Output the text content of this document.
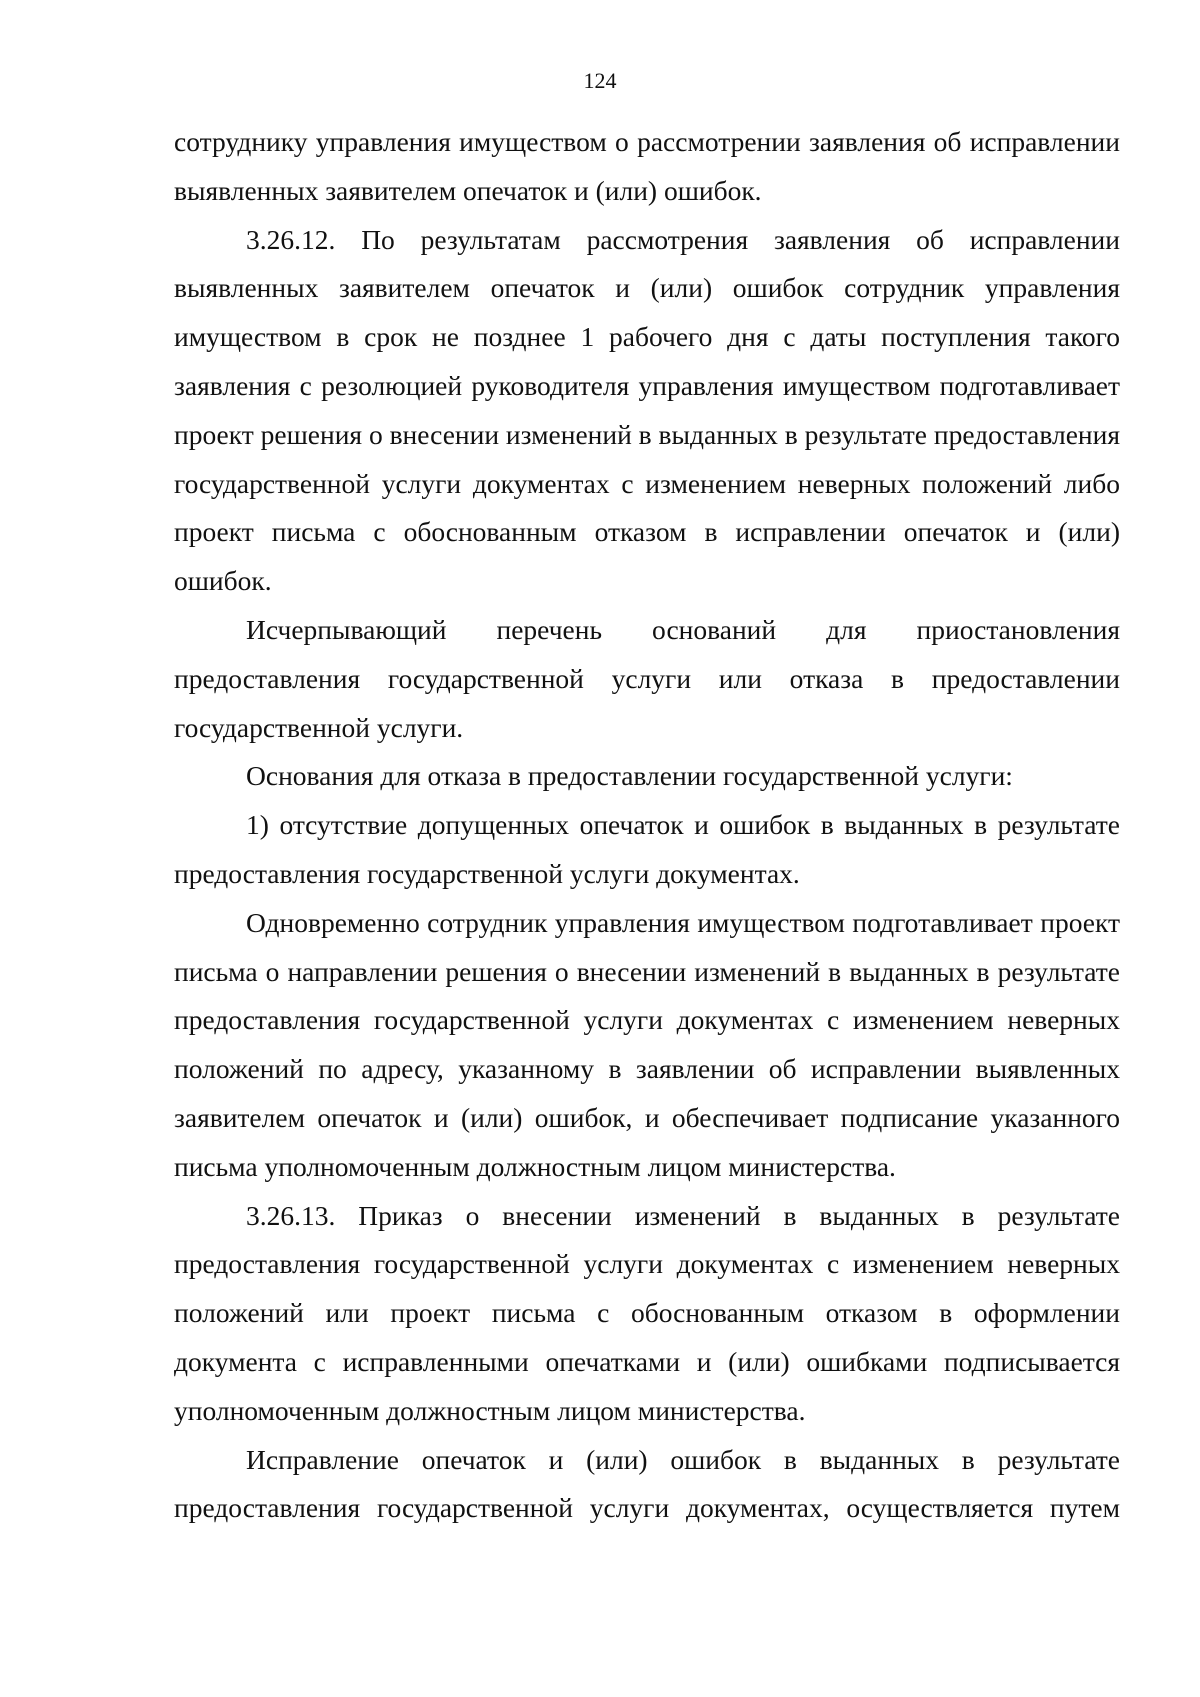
124

сотруднику управления имуществом о рассмотрении заявления об исправлении выявленных заявителем опечаток и (или) ошибок.

3.26.12. По результатам рассмотрения заявления об исправлении выявленных заявителем опечаток и (или) ошибок сотрудник управления имуществом в срок не позднее 1 рабочего дня с даты поступления такого заявления с резолюцией руководителя управления имуществом подготавливает проект решения о внесении изменений в выданных в результате предоставления государственной услуги документах с изменением неверных положений либо проект письма с обоснованным отказом в исправлении опечаток и (или) ошибок.

Исчерпывающий перечень оснований для приостановления предоставления государственной услуги или отказа в предоставлении государственной услуги.

Основания для отказа в предоставлении государственной услуги:

1) отсутствие допущенных опечаток и ошибок в выданных в результате предоставления государственной услуги документах.

Одновременно сотрудник управления имуществом подготавливает проект письма о направлении решения о внесении изменений в выданных в результате предоставления государственной услуги документах с изменением неверных положений по адресу, указанному в заявлении об исправлении выявленных заявителем опечаток и (или) ошибок, и обеспечивает подписание указанного письма уполномоченным должностным лицом министерства.

3.26.13. Приказ о внесении изменений в выданных в результате предоставления государственной услуги документах с изменением неверных положений или проект письма с обоснованным отказом в оформлении документа с исправленными опечатками и (или) ошибками подписывается уполномоченным должностным лицом министерства.

Исправление опечаток и (или) ошибок в выданных в результате предоставления государственной услуги документах, осуществляется путем
